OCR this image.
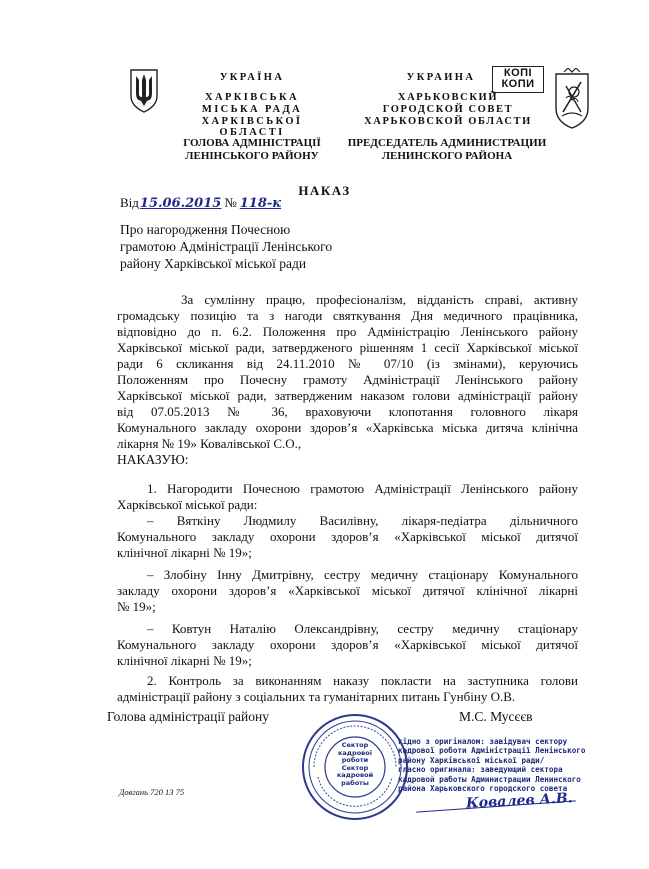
УКРАЇНА
ХАРКІВСЬКА
МІСЬКА РАДА
ХАРКІВСЬКОЇ ОБЛАСТІ
ГОЛОВА АДМІНІСТРАЦІЇ
ЛЕНІНСЬКОГО РАЙОНУ
УКРАИНА
ХАРЬКОВСКИЙ
ГОРОДСКОЙ СОВЕТ
ХАРЬКОВСКОЙ ОБЛАСТИ
ПРЕДСЕДАТЕЛЬ АДМИНИСТРАЦИИ
ЛЕНИНСКОГО РАЙОНА
КОПІ
КОПИ
НАКАЗ
Від15.06.2015 № 118-к
Про нагородження Почесною
грамотою Адміністрації Ленінського
району Харківської міської ради
За сумлінну працю, професіоналізм, відданість справі, активну
громадську позицію та з нагоди святкування Дня медичного працівника,
відповідно до п. 6.2. Положення про Адміністрацію Ленінського району
Харківської міської ради, затвердженого рішенням 1 сесії Харківської міської
ради 6 скликання від 24.11.2010 № 07/10 (із змінами), керуючись
Положенням про Почесну грамоту Адміністрації Ленінського району
Харківської міської ради, затвердженим наказом голови адміністрації району
від 07.05.2013 № 36, враховуючи клопотання головного лікаря
Комунального закладу охорони здоров’я «Харківська міська дитяча клінічна
лікарня № 19» Ковалівської С.О.,
НАКАЗУЮ:
1. Нагородити Почесною грамотою Адміністрації Ленінського району
Харківської міської ради:
– Вяткіну Людмилу Василівну, лікаря-педіатра дільничного
Комунального закладу охорони здоров’я «Харківської міської дитячої
клінічної лікарні № 19»;
– Злобіну Інну Дмитрівну, сестру медичну стаціонару Комунального
закладу охорони здоров’я «Харківської міської дитячої клінічної лікарні
№ 19»;
– Ковтун Наталію Олександрівну, сестру медичну стаціонару
Комунального закладу охорони здоров’я «Харківської міської дитячої
клінічної лікарні № 19»;
2. Контроль за виконанням наказу покласти на заступника голови
адміністрації району з соціальних та гуманітарних питань Гунбіну О.В.
Голова адміністрації району	М.С. Мусєєв
Сектор
кадрової
роботи
Сектор
кадровой
работы
гідно з оригіналом: завідувач сектору
кадрової роботи Адміністрації Ленінського
району Харківської міської ради/
гласно оригинала: заведующий сектора
кадровой работы Администрации Ленинского
района Харьковского городского совета
Ковалев А.В.
Довгань 720 13 75
